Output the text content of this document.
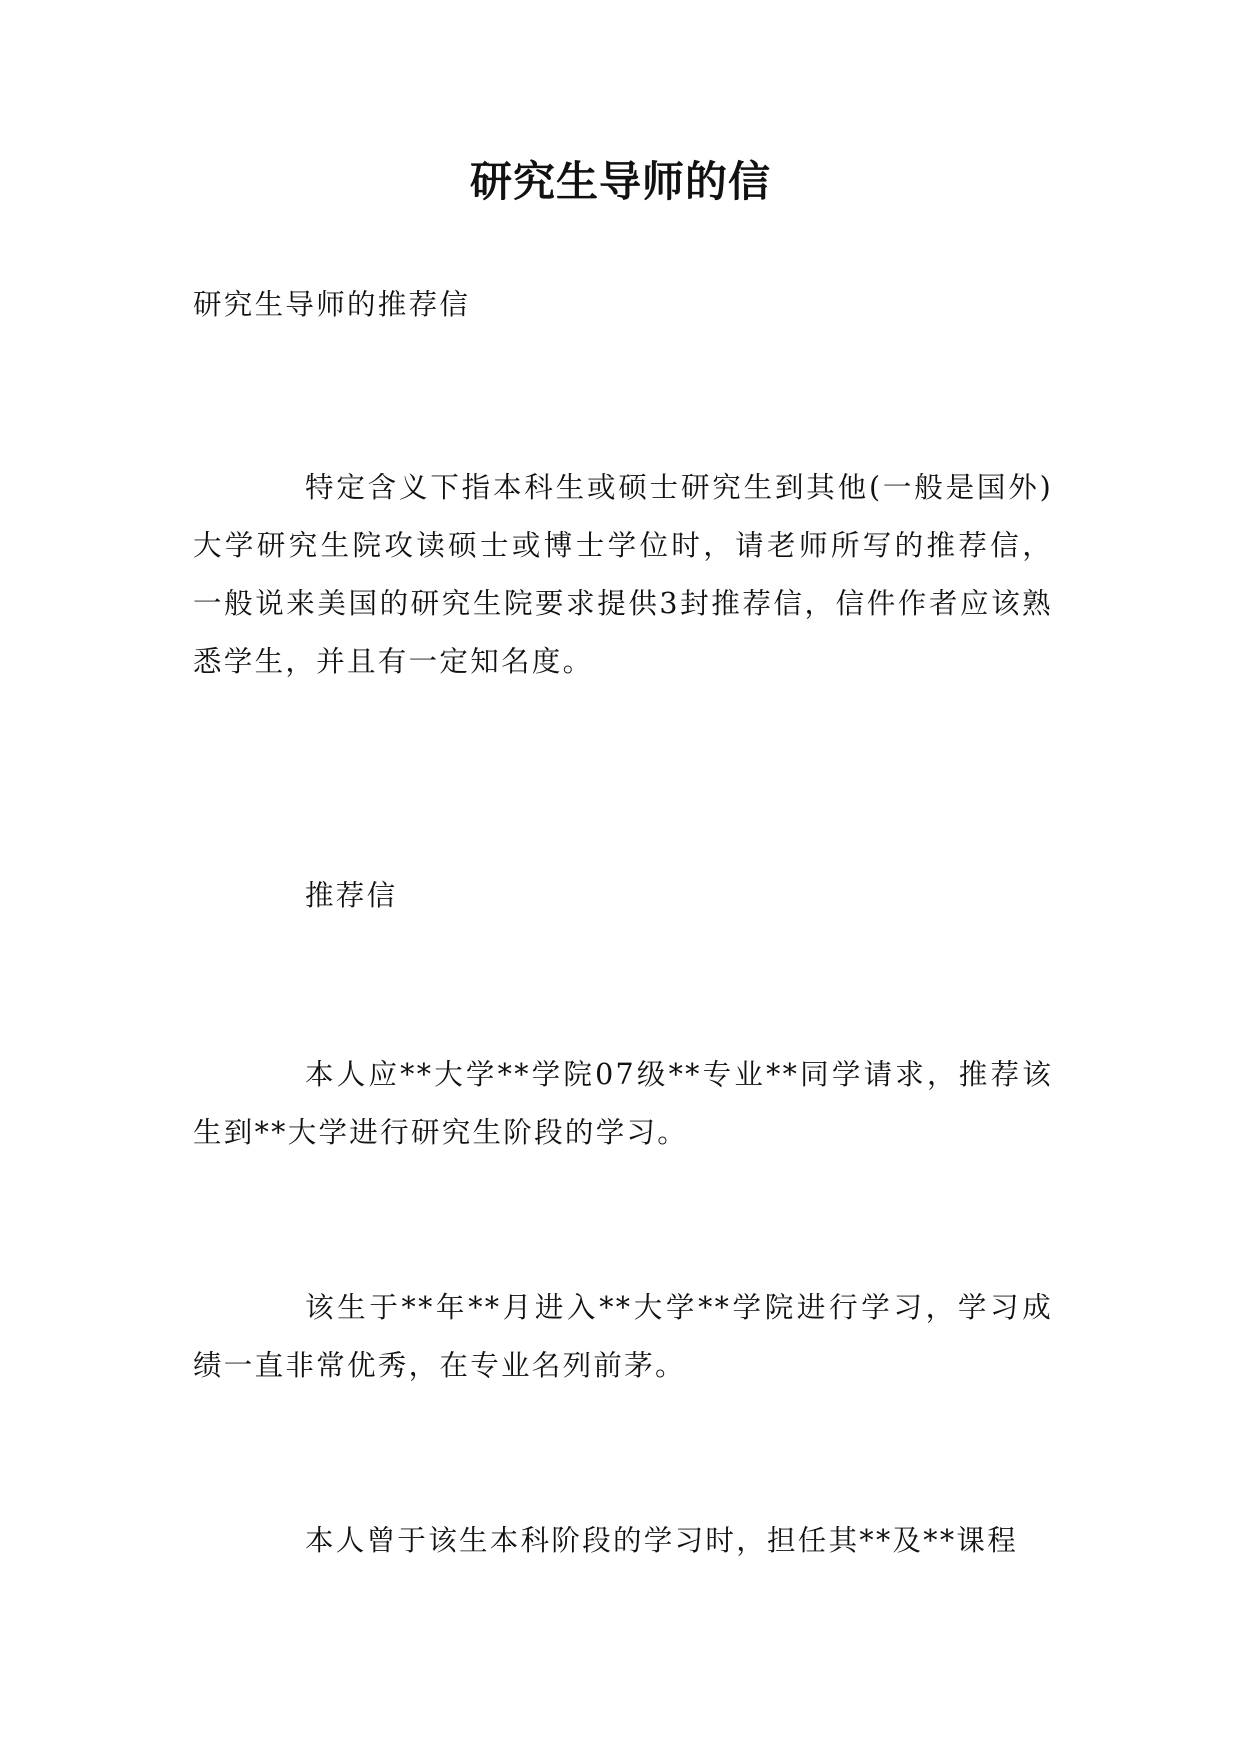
研究生导师的信

研究生导师的推荐信

特定含义下指本科生或硕士研究生到其他(一般是国外)大学研究生院攻读硕士或博士学位时，请老师所写的推荐信，一般说来美国的研究生院要求提供3封推荐信，信件作者应该熟悉学生，并且有一定知名度。

推荐信

本人应**大学**学院07级**专业**同学请求，推荐该生到**大学进行研究生阶段的学习。

该生于**年**月进入**大学**学院进行学习，学习成绩一直非常优秀，在专业名列前茅。

本人曾于该生本科阶段的学习时，担任其**及**课程
